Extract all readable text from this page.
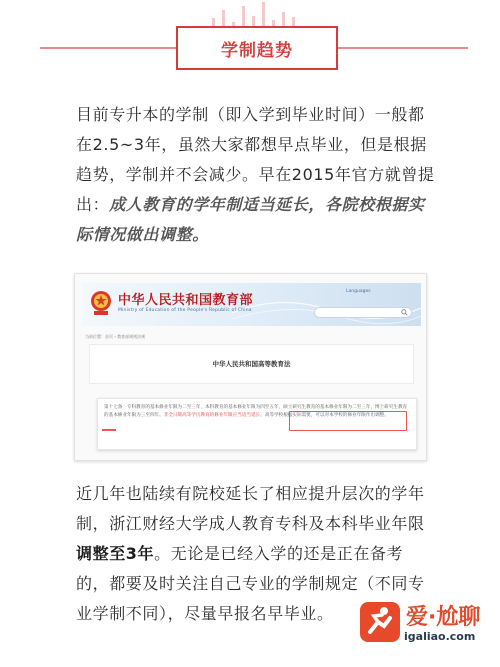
学制趋势

目前专升本的学制（即入学到毕业时间）一般都在2.5~3年，虽然大家都想早点毕业，但是根据趋势，学制并不会减少。早在2015年官方就曾提出：成人教育的学年制适当延长，各院校根据实际情况做出调整。

中华人民共和国教育部
Ministry of Education of the People's Republic of China
Languages
当前位置：首页 › 教育部规则法规
中华人民共和国高等教育法
第十七条　专科教育的基本修业年限为二至三年，本科教育的基本修业年限为四至五年，硕士研究生教育的基本修业年限为二至三年，博士研究生教育的基本修业年限为三至四年。非全日制高等学历教育的修业年限应当适当延长。高等学校根据实际需要，可以对本学校的修业年限作出调整。

近几年也陆续有院校延长了相应提升层次的学年制，浙江财经大学成人教育专科及本科毕业年限调整至3年。无论是已经入学的还是正在备考的，都要及时关注自己专业的学制规定（不同专业学制不同），尽量早报名早毕业。	爱·尬聊
igaliao.com
